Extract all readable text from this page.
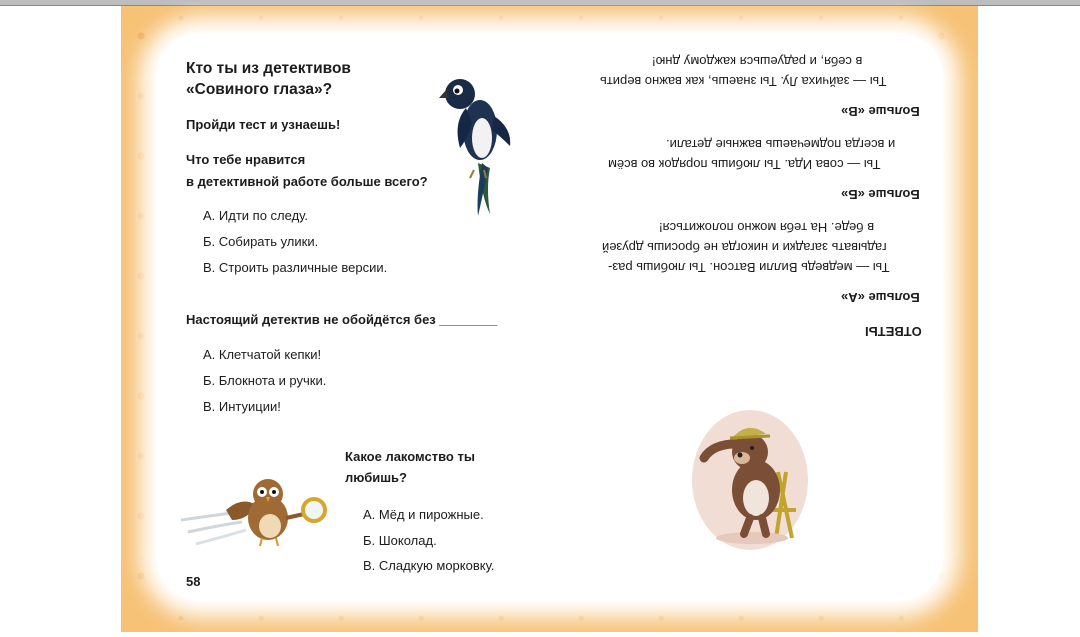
Кто ты из детективов
«Совиного глаза»?
Пройди тест и узнаешь!
Что тебе нравится
в детективной работе больше всего?
А. Идти по следу.
Б. Собирать улики.
В. Строить различные версии.
Настоящий детектив не обойдётся без ________
А. Клетчатой кепки!
Б. Блокнота и ручки.
В. Интуиции!
Какое лакомство ты
любишь?
А. Мёд и пирожные.
Б. Шоколад.
В. Сладкую морковку.
58
ОТВЕТЫ
Больше «А»
Ты — медведь Вилли Ватсон. Ты любишь раз-
гадывать загадки и никогда не бросишь друзей
в беде. На тебя можно положиться!
Больше «Б»
Ты — сова Ида. Ты любишь порядок во всём
и всегда подмечаешь важные детали.
Больше «В»
Ты — зайчиха Лу. Ты знаешь, как важно верить
в себя, и радуешься каждому дню!
